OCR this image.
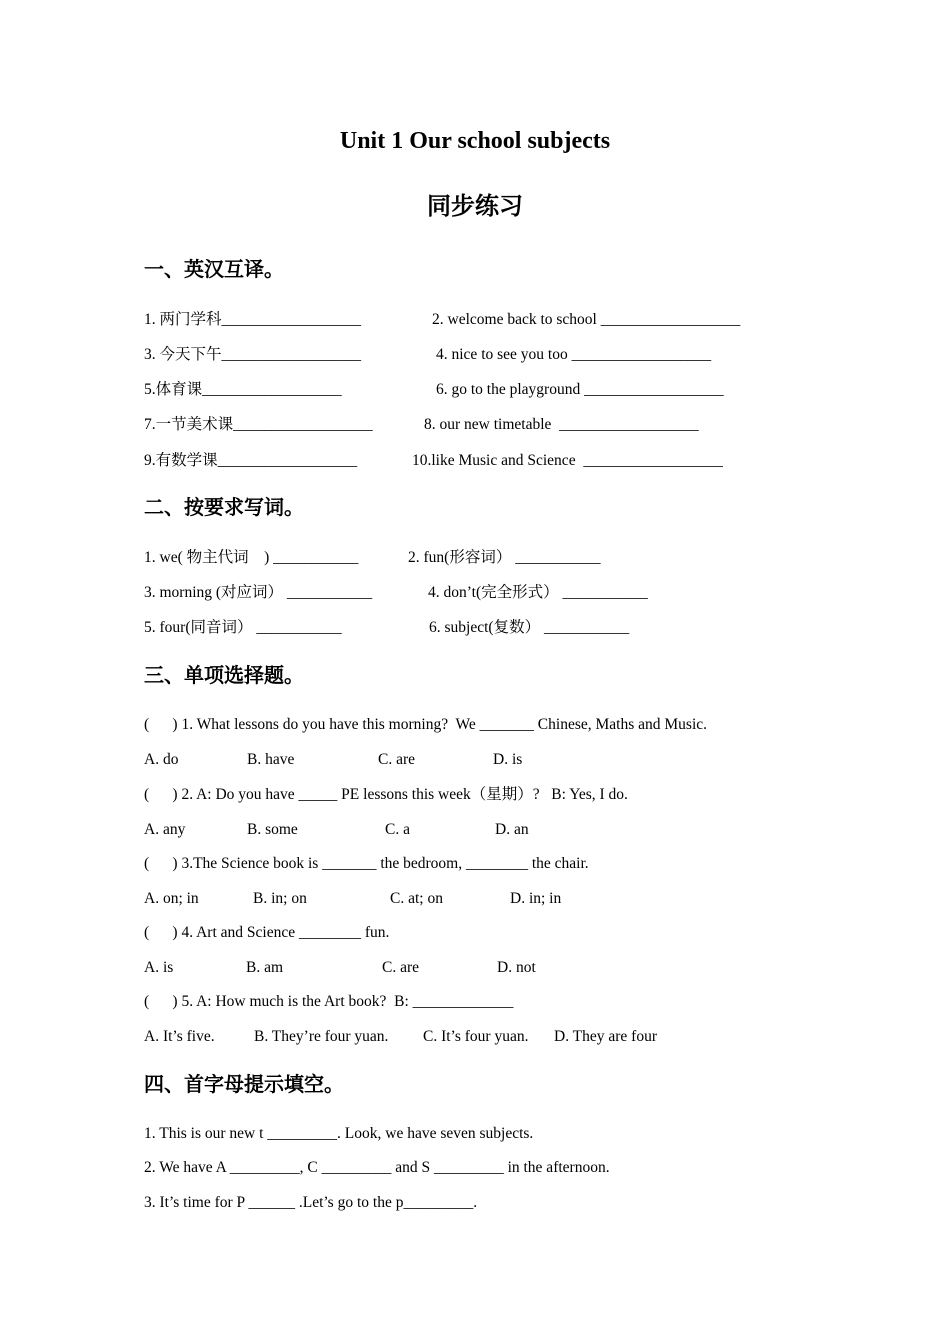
Unit 1 Our school subjects
同步练习
一、英汉互译。
1. 两门学科__________________	2. welcome back to school __________________
3. 今天下午__________________	4. nice to see you too __________________
5.体育课__________________	6. go to the playground __________________
7.一节美术课__________________	8. our new timetable  __________________
9.有数学课__________________	10.like Music and Science  __________________
二、按要求写词。
1. we( 物主代词    ) ___________	2. fun(形容词） ___________
3. morning (对应词） ___________	4. don’t(完全形式） ___________
5. four(同音词） ___________	6. subject(复数） ___________
三、单项选择题。
(      ) 1. What lessons do you have this morning?  We _______ Chinese, Maths and Music.
A. do	B. have	C. are	D. is
(      ) 2. A: Do you have _____ PE lessons this week（星期）?   B: Yes, I do.
A. any	B. some	C. a	D. an
(      ) 3.The Science book is _______ the bedroom, ________ the chair.
A. on; in	B. in; on	C. at; on	D. in; in
(      ) 4. Art and Science ________ fun.
A. is	B. am	C. are	D. not
(      ) 5. A: How much is the Art book?  B: _____________
A. It’s five.	B. They’re four yuan. C. It’s four yuan. D. They are four
四、首字母提示填空。
1. This is our new t _________. Look, we have seven subjects.
2. We have A _________, C _________ and S _________ in the afternoon.
3. It’s time for P ______ .Let’s go to the p_________.
